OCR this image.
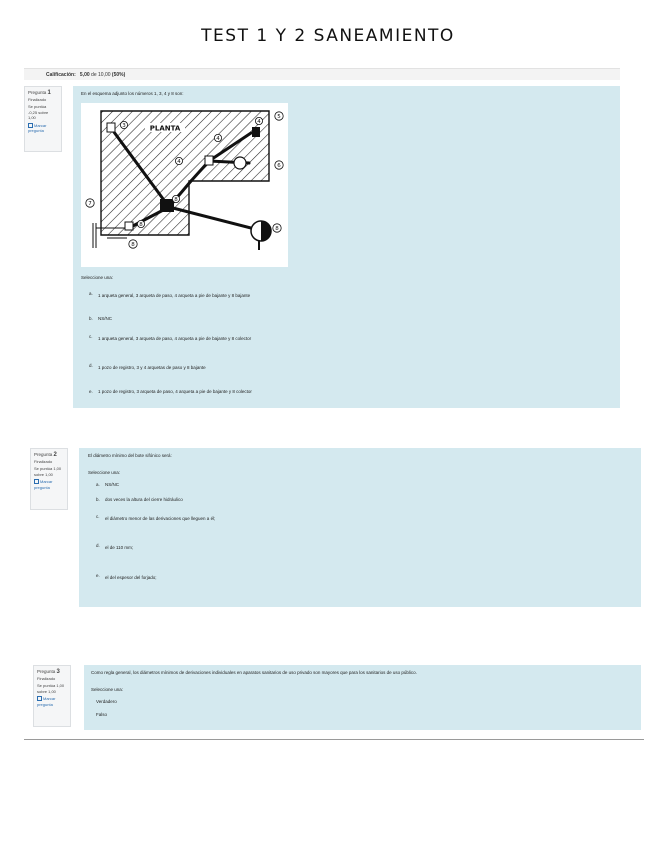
TEST 1 Y 2 SANEAMIENTO
Calificación: 5,00 de 10,00 (50%)
Pregunta 1
Finalizado
Se puntúa
-0,25 sobre
1,00
Marcar
pregunta
En el esquema adjunto los números 1, 3, 4 y 8 son:
PLANTA
3
4
4
4
5
6
7
8
8
8
8
Seleccione una:
a. 1 arqueta general, 3 arqueta de paso, 4 arqueta a pie de bajante y 8 bajante
b. NS/NC
c. 1 arqueta general, 3 arqueta de paso, 4 arqueta a pie de bajante y 8 colector
d. 1 pozo de registro, 3 y 4 arquetas de paso y 8 bajante
e. 1 pozo de registro, 3 arqueta de paso, 4 arqueta a pie de bajante y 8 colector
Pregunta 2
Finalizado
Se puntúa 1,00
sobre 1,00
Marcar
pregunta
El diámetro mínimo del bote sifónico será:
Seleccione una:
a. NS/NC
b. dos veces la altura del cierre hidráulico
c. el diámetro menor de las derivaciones que lleguen a él;
d. el de 110 mm;
e. el del espesor del forjado;
Pregunta 3
Finalizado
Se puntúa 1,00
sobre 1,00
Marcar
pregunta
Como regla general, los diámetros mínimos de derivaciones individuales en aparatos sanitarios de uso privado son mayores que para los sanitarios de uso público.
Seleccione una:
Verdadero
Falso
